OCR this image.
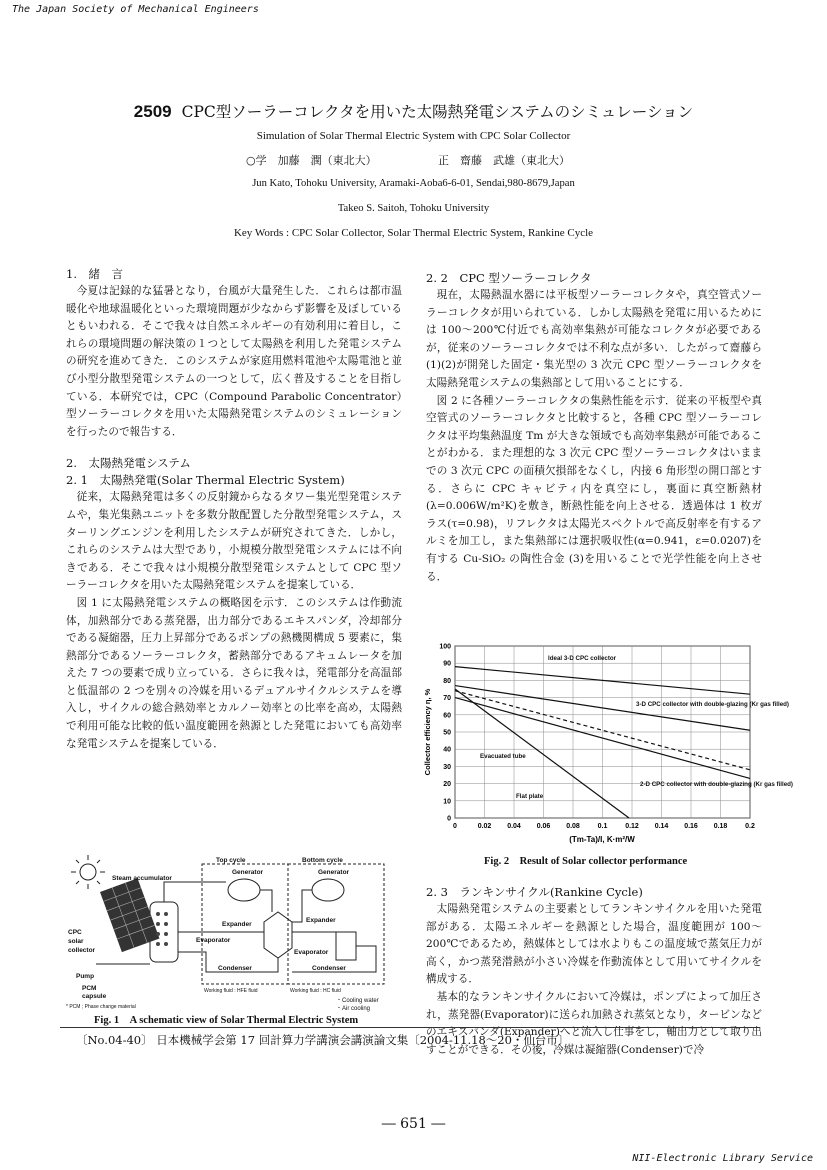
The Japan Society of Mechanical Engineers
NII-Electronic Library Service
2509 CPC型ソーラーコレクタを用いた太陽熱発電システムのシミュレーション
Simulation of Solar Thermal Electric System with CPC Solar Collector
○学　加藤　潤（東北大）	正　齋藤　武雄（東北大）
Jun Kato, Tohoku University, Aramaki-Aoba6-6-01, Sendai,980-8679,Japan
Takeo S. Saitoh, Tohoku University
Key Words : CPC Solar Collector, Solar Thermal Electric System, Rankine Cycle
1.　緒　言

今夏は記録的な猛暑となり，台風が大量発生した．これらは都市温暖化や地球温暖化といった環境問題が少なからず影響を及ぼしているともいわれる．そこで我々は自然エネルギーの有効利用に着目し，これらの環境問題の解決策の１つとして太陽熱を利用した発電システムの研究を進めてきた．このシステムが家庭用燃料電池や太陽電池と並び小型分散型発電システムの一つとして，広く普及することを目指している．本研究では，CPC（Compound Parabolic Concentrator）型ソーラーコレクタを用いた太陽熱発電システムのシミュレーションを行ったので報告する．

2.　太陽熱発電システム
2. 1　太陽熱発電(Solar Thermal Electric System)

従来，太陽熱発電は多くの反射鏡からなるタワー集光型発電システムや，集光集熱ユニットを多数分散配置した分散型発電システム，スターリングエンジンを利用したシステムが研究されてきた．しかし，これらのシステムは大型であり，小規模分散型発電システムには不向きである．そこで我々は小規模分散型発電システムとして CPC 型ソーラーコレクタを用いた太陽熱発電システムを提案している．

図 1 に太陽熱発電システムの概略図を示す．このシステムは作動流体，加熱部分である蒸発器，出力部分であるエキスパンダ，冷却部分である凝縮器，圧力上昇部分であるポンプの熱機関構成 5 要素に，集熱部分であるソーラーコレクタ，蓄熱部分であるアキュムレータを加えた 7 つの要素で成り立っている．さらに我々は，発電部分を高温部と低温部の 2 つを別々の冷媒を用いるデュアルサイクルシステムを導入し，サイクルの総合熱効率とカルノー効率との比率を高め，太陽熱で利用可能な比較的低い温度範囲を熱源とした発電においても高効率な発電システムを提案している．

Steam accumulator
Top cycle	Bottom cycle
Generator	Generator
Expander
Expander
Evaporator
Evaporator
Condenser	Condenser
CPC
solar
collector
Pump
PCM
capsule
* PCM ; Phase change material
Working fluid : HFE fluid	Working fluid : HC fluid
・Cooling water
・Air cooling
Fig. 1　A schematic view of Solar Thermal Electric System
2. 2　CPC 型ソーラーコレクタ

現在，太陽熱温水器には平板型ソーラーコレクタや，真空管式ソーラーコレクタが用いられている．しかし太陽熱を発電に用いるためには 100～200℃付近でも高効率集熱が可能なコレクタが必要であるが，従来のソーラーコレクタでは不利な点が多い．したがって齋藤ら (1)(2)が開発した固定・集光型の 3 次元 CPC 型ソーラーコレクタを太陽熱発電システムの集熱部として用いることにする．

図 2 に各種ソーラーコレクタの集熱性能を示す．従来の平板型や真空管式のソーラーコレクタと比較すると，各種 CPC 型ソーラーコレクタは平均集熱温度 Tm が大きな領域でも高効率集熱が可能であることがわかる．また理想的な 3 次元 CPC 型ソーラーコレクタはいままでの 3 次元 CPC の面積欠損部をなくし，内接 6 角形型の開口部とする．さらに CPC キャビティ内を真空にし，裏面に真空断熱材(λ=0.006W/m²K)を敷き，断熱性能を向上させる．透過体は 1 枚ガラス(τ=0.98)，リフレクタは太陽光スペクトルで高反射率を有するアルミを加工し，また集熱部には選択吸収性(α=0.941，ε=0.0207)を有する Cu-SiO₂ の陶性合金 (3)を用いることで光学性能を向上させる．

0	0.02 0.04 0.06 0.08	0.1	0.12 0.14 0.16 0.18	0.2
0
10
20
30
40
50
60
70
80
90
100
(Tm-Ta)/I, K·m²/W
Collector efficiency η, %
Ideal 3-D CPC collector
3-D CPC collector with double-glazing (Kr gas filled)
Evacuated tube
2-D CPC collector with double-glazing (Kr gas filled)
Flat plate
Fig. 2　Result of Solar collector performance
2. 3　ランキンサイクル(Rankine Cycle)

太陽熱発電システムの主要素としてランキンサイクルを用いた発電部がある．太陽エネルギーを熱源とした場合，温度範囲が 100～200℃であるため，熱媒体としては水よりもこの温度域で蒸気圧力が高く，かつ蒸発潜熱が小さい冷媒を作動流体として用いてサイクルを構成する．

基本的なランキンサイクルにおいて冷媒は，ポンプによって加圧され，蒸発器(Evaporator)に送られ加熱され蒸気となり，タービンなどのエキスパンダ(Expander)へと流入し仕事をし，軸出力として取り出すことができる．その後，冷媒は凝縮器(Condenser)で冷

〔No.04-40〕 日本機械学会第 17 回計算力学講演会講演論文集〔2004-11.18～20・仙台市〕
― 651 ―
